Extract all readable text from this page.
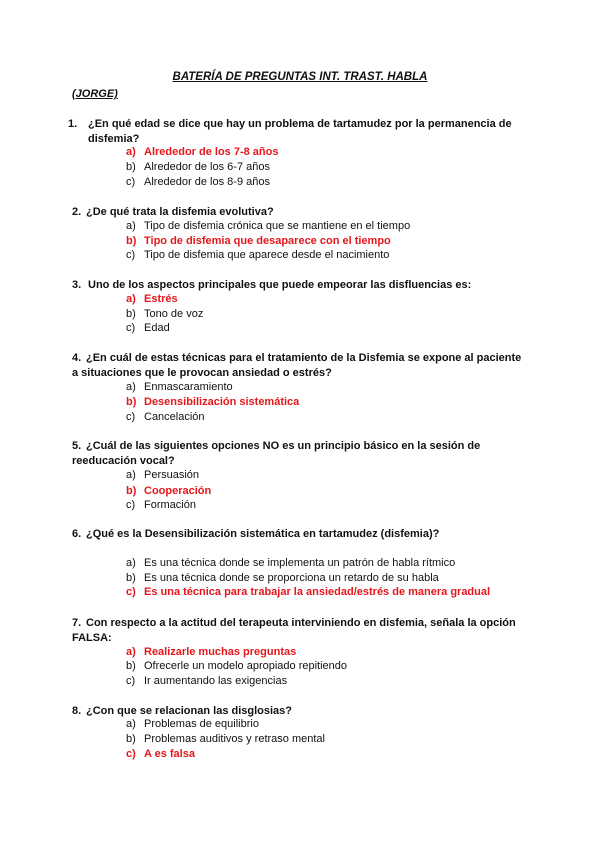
BATERÍA DE PREGUNTAS INT. TRAST. HABLA
(JORGE)
1. ¿En qué edad se dice que hay un problema de tartamudez por la permanencia de
disfemia?
a) Alrededor de los 7-8 años
b) Alrededor de los 6-7 años
c) Alrededor de los 8-9 años
2. ¿De qué trata la disfemia evolutiva?
a) Tipo de disfemia crónica que se mantiene en el tiempo
b) Tipo de disfemia que desaparece con el tiempo
c) Tipo de disfemia que aparece desde el nacimiento
3. Uno de los aspectos principales que puede empeorar las disfluencias es:
a) Estrés
b) Tono de voz
c) Edad
4. ¿En cuál de estas técnicas para el tratamiento de la Disfemia se expone al paciente
a situaciones que le provocan ansiedad o estrés?
a) Enmascaramiento
b) Desensibilización sistemática
c) Cancelación
5. ¿Cuál de las siguientes opciones NO es un principio básico en la sesión de
reeducación vocal?
a) Persuasión
b) Cooperación
c) Formación
6. ¿Qué es la Desensibilización sistemática en tartamudez (disfemia)?
a) Es una técnica donde se implementa un patrón de habla rítmico
b) Es una técnica donde se proporciona un retardo de su habla
c) Es una técnica para trabajar la ansiedad/estrés de manera gradual
7. Con respecto a la actitud del terapeuta interviniendo en disfemia, señala la opción
FALSA:
a) Realizarle muchas preguntas
b) Ofrecerle un modelo apropiado repitiendo
c) Ir aumentando las exigencias
8. ¿Con que se relacionan las disglosias?
a) Problemas de equilibrio
b) Problemas auditivos y retraso mental
c) A es falsa
